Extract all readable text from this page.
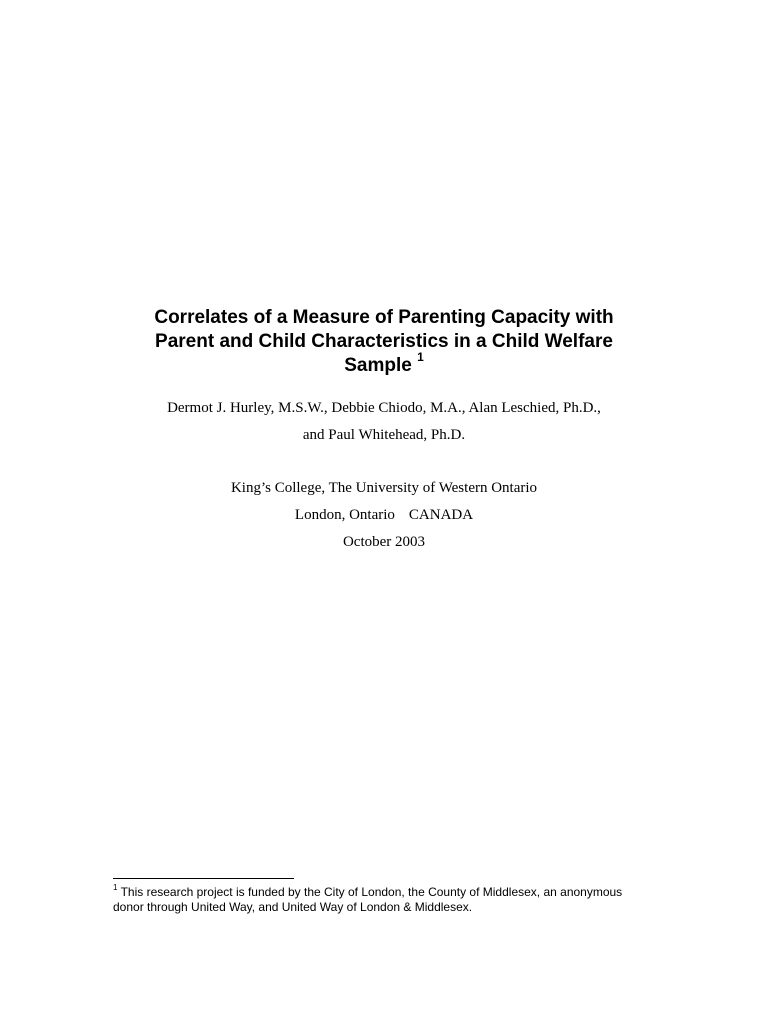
Correlates of a Measure of Parenting Capacity with
Parent and Child Characteristics in a Child Welfare
Sample $^1$

Dermot J. Hurley, M.S.W., Debbie Chiodo, M.A., Alan Leschied, Ph.D.,

and Paul Whitehead, Ph.D.

King’s College, The University of Western Ontario

London, Ontario CANADA

October 2003

$^1$ This research project is funded by the City of London, the County of Middlesex, an anonymous
donor through United Way, and United Way of London & Middlesex.
